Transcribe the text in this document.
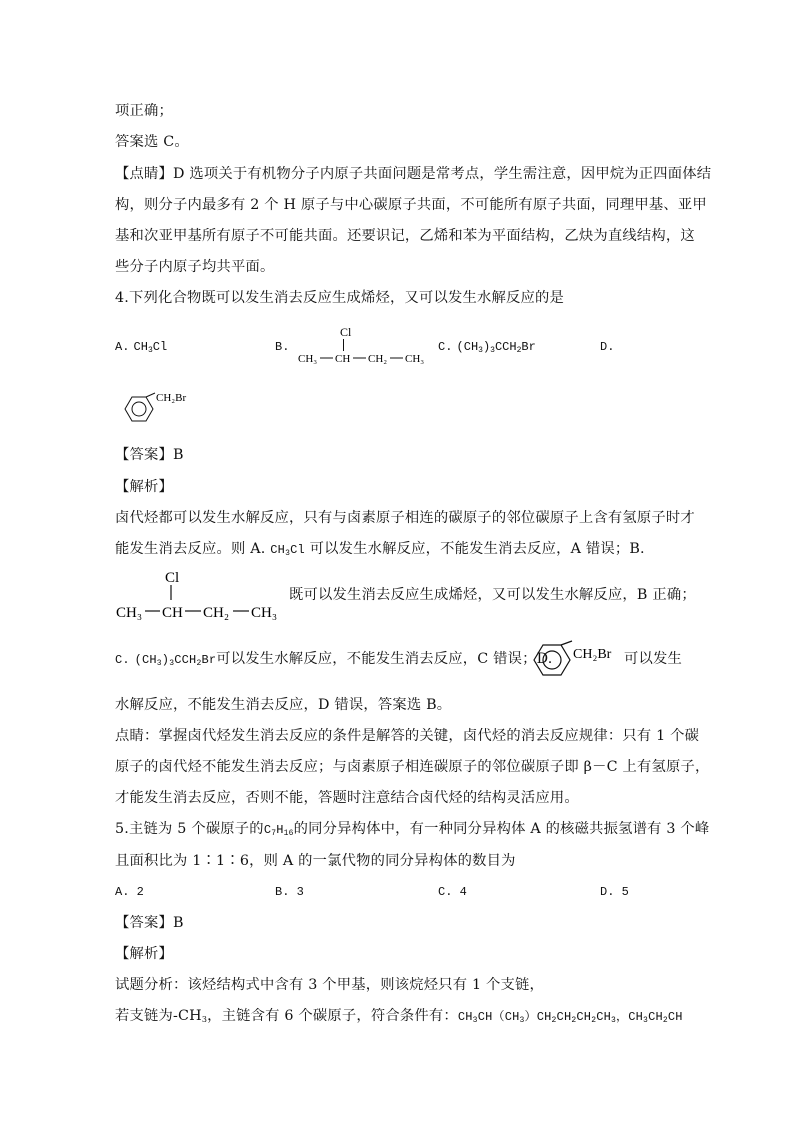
项正确；
答案选 C。
【点睛】D 选项关于有机物分子内原子共面问题是常考点，学生需注意，因甲烷为正四面体结
构，则分子内最多有 2 个 H 原子与中心碳原子共面，不可能所有原子共面，同理甲基、亚甲
基和次亚甲基所有原子不可能共面。还要识记，乙烯和苯为平面结构，乙炔为直线结构，这
些分子内原子均共平面。
4.下列化合物既可以发生消去反应生成烯烃，又可以发生水解反应的是
A. $CH_3Cl$	B.
Cl
CH₃ CH CH₂ CH₃
C. $(CH_3)_3CCH_2Br$	D.
CH₂Br
【答案】B
【解析】
卤代烃都可以发生水解反应，只有与卤素原子相连的碳原子的邻位碳原子上含有氢原子时才
能发生消去反应。则 A. $CH_3Cl$ 可以发生水解反应，不能发生消去反应，A 错误；B.
Cl
CH₃ CH CH₂ CH₃
既可以发生消去反应生成烯烃，又可以发生水解反应，B 正确；
C. $(CH_3)_3CCH_2Br$可以发生水解反应，不能发生消去反应，C 错误；D. CH₂Br 可以发生
水解反应，不能发生消去反应，D 错误，答案选 B。
点睛：掌握卤代烃发生消去反应的条件是解答的关键，卤代烃的消去反应规律：只有 1 个碳
原子的卤代烃不能发生消去反应；与卤素原子相连碳原子的邻位碳原子即 β－C 上有氢原子，
才能发生消去反应，否则不能，答题时注意结合卤代烃的结构灵活应用。
5.主链为 5 个碳原子的$C_7H_{16}$的同分异构体中，有一种同分异构体 A 的核磁共振氢谱有 3 个峰
且面积比为 1∶1∶6，则 A 的一氯代物的同分异构体的数目为
A. 2	B. 3	C. 4	D. 5
【答案】B
【解析】
试题分析：该烃结构式中含有 3 个甲基，则该烷烃只有 1 个支链，
若支链为$-CH_3$，主链含有 6 个碳原子，符合条件有：$CH_3CH(CH_3)CH_2CH_2CH_2CH_3$，$CH_3CH_2CH$
